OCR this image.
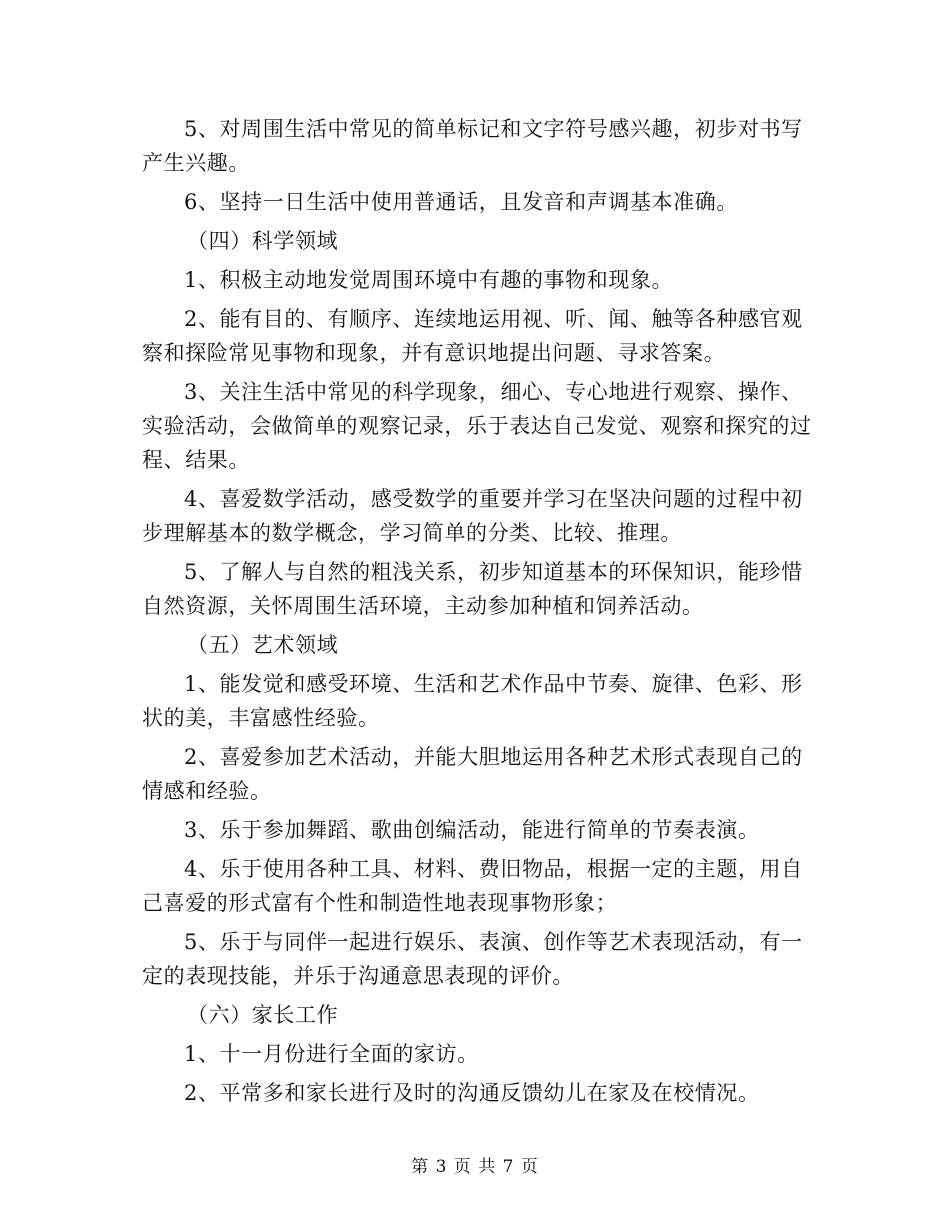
5、对周围生活中常见的简单标记和文字符号感兴趣，初步对书写产生兴趣。

6、坚持一日生活中使用普通话，且发音和声调基本准确。

（四）科学领域

1、积极主动地发觉周围环境中有趣的事物和现象。

2、能有目的、有顺序、连续地运用视、听、闻、触等各种感官观察和探险常见事物和现象，并有意识地提出问题、寻求答案。

3、关注生活中常见的科学现象，细心、专心地进行观察、操作、实验活动，会做简单的观察记录，乐于表达自己发觉、观察和探究的过程、结果。

4、喜爱数学活动，感受数学的重要并学习在坚决问题的过程中初步理解基本的数学概念，学习简单的分类、比较、推理。

5、了解人与自然的粗浅关系，初步知道基本的环保知识，能珍惜自然资源，关怀周围生活环境，主动参加种植和饲养活动。

（五）艺术领域

1、能发觉和感受环境、生活和艺术作品中节奏、旋律、色彩、形状的美，丰富感性经验。

2、喜爱参加艺术活动，并能大胆地运用各种艺术形式表现自己的情感和经验。

3、乐于参加舞蹈、歌曲创编活动，能进行简单的节奏表演。

4、乐于使用各种工具、材料、费旧物品，根据一定的主题，用自己喜爱的形式富有个性和制造性地表现事物形象；

5、乐于与同伴一起进行娱乐、表演、创作等艺术表现活动，有一定的表现技能，并乐于沟通意思表现的评价。

（六）家长工作

1、十一月份进行全面的家访。

2、平常多和家长进行及时的沟通反馈幼儿在家及在校情况。

第 3 页 共 7 页
